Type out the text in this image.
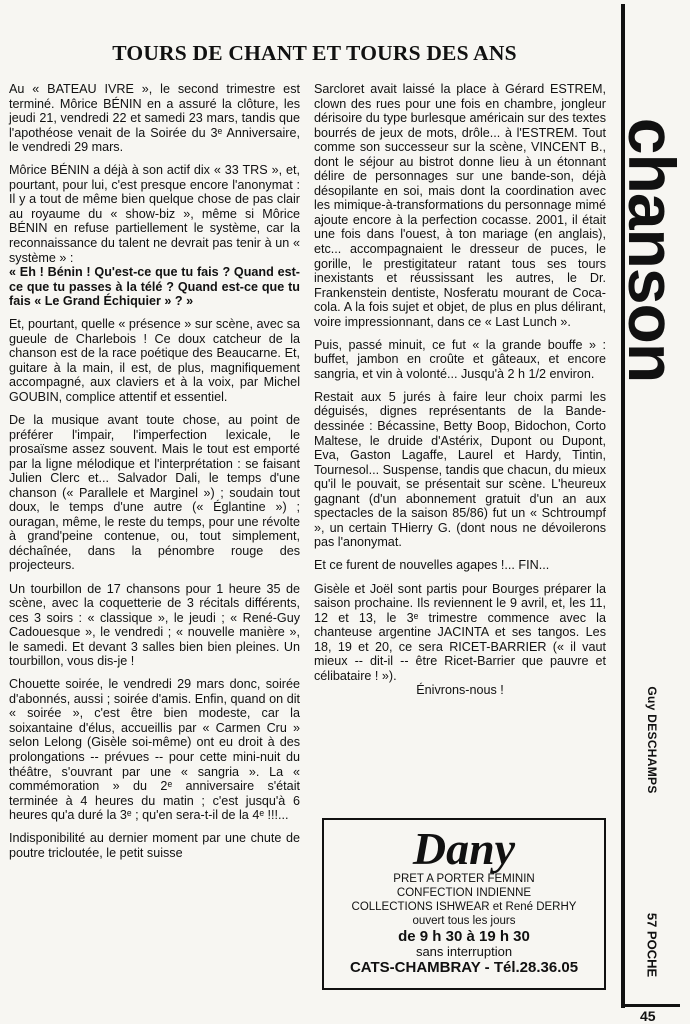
TOURS DE CHANT ET TOURS DES ANS

Au « BATEAU IVRE », le second trimestre est terminé. Môrice BÉNIN en a assuré la clôture, les jeudi 21, vendredi 22 et samedi 23 mars, tandis que l'apothéose venait de la Soirée du 3ᵉ Anniversaire, le vendredi 29 mars.

Môrice BÉNIN a déjà à son actif dix « 33 TRS », et, pourtant, pour lui, c'est presque encore l'anonymat : Il y a tout de même bien quelque chose de pas clair au royaume du « show-biz », même si Môrice BÉNIN en refuse partiellement le système, car la reconnaissance du talent ne devrait pas tenir à un « système » :

« Eh ! Bénin ! Qu'est-ce que tu fais ? Quand est-ce que tu passes à la télé ? Quand est-ce que tu fais « Le Grand Échiquier » ? »

Et, pourtant, quelle « présence » sur scène, avec sa gueule de Charlebois ! Ce doux catcheur de la chanson est de la race poétique des Beaucarne. Et, guitare à la main, il est, de plus, magnifiquement accompagné, aux claviers et à la voix, par Michel GOUBIN, complice attentif et essentiel.

De la musique avant toute chose, au point de préférer l'impair, l'imperfection lexicale, le prosaïsme assez souvent. Mais le tout est emporté par la ligne mélodique et l'interprétation : se faisant Julien Clerc et... Salvador Dali, le temps d'une chanson (« Parallele et Marginel ») ; soudain tout doux, le temps d'une autre (« Églantine ») ; ouragan, même, le reste du temps, pour une révolte à grand'peine contenue, ou, tout simplement, déchaînée, dans la pénombre rouge des projecteurs.

Un tourbillon de 17 chansons pour 1 heure 35 de scène, avec la coquetterie de 3 récitals différents, ces 3 soirs : « classique », le jeudi ; « René-Guy Cadouesque », le vendredi ; « nouvelle manière », le samedi. Et devant 3 salles bien bien pleines. Un tourbillon, vous dis-je !

Chouette soirée, le vendredi 29 mars donc, soirée d'abonnés, aussi ; soirée d'amis. Enfin, quand on dit « soirée », c'est être bien modeste, car la soixantaine d'élus, accueillis par « Carmen Cru » selon Lelong (Gisèle soi-même) ont eu droit à des prolongations -- prévues -- pour cette mini-nuit du théâtre, s'ouvrant par une « sangria ». La « commémoration » du 2ᵉ anniversaire s'était terminée à 4 heures du matin ; c'est jusqu'à 6 heures qu'a duré la 3ᵉ ; qu'en sera-t-il de la 4ᵉ !!!...

Indisponibilité au dernier moment par une chute de poutre tricloutée, le petit suisse

Sarcloret avait laissé la place à Gérard ESTREM, clown des rues pour une fois en chambre, jongleur dérisoire du type burlesque américain sur des textes bourrés de jeux de mots, drôle... à l'ESTREM. Tout comme son successeur sur la scène, VINCENT B., dont le séjour au bistrot donne lieu à un étonnant délire de personnages sur une bande-son, déjà désopilante en soi, mais dont la coordination avec les mimique-à-transformations du personnage mimé ajoute encore à la perfection cocasse. 2001, il était une fois dans l'ouest, à ton mariage (en anglais), etc... accompagnaient le dresseur de puces, le gorille, le prestigitateur ratant tous ses tours inexistants et réussissant les autres, le Dr. Frankenstein dentiste, Nosferatu mourant de Coca-cola. A la fois sujet et objet, de plus en plus délirant, voire impressionnant, dans ce « Last Lunch ».

Puis, passé minuit, ce fut « la grande bouffe » : buffet, jambon en croûte et gâteaux, et encore sangria, et vin à volonté... Jusqu'à 2 h 1/2 environ.

Restait aux 5 jurés à faire leur choix parmi les déguisés, dignes représentants de la Bande-dessinée : Bécassine, Betty Boop, Bidochon, Corto Maltese, le druide d'Astérix, Dupont ou Dupont, Eva, Gaston Lagaffe, Laurel et Hardy, Tintin, Tournesol... Suspense, tandis que chacun, du mieux qu'il le pouvait, se présentait sur scène. L'heureux gagnant (d'un abonnement gratuit d'un an aux spectacles de la saison 85/86) fut un « Schtroumpf », un certain THierry G. (dont nous ne dévoilerons pas l'anonymat.

Et ce furent de nouvelles agapes !... FIN...

Gisèle et Joël sont partis pour Bourges préparer la saison prochaine. Ils reviennent le 9 avril, et, les 11, 12 et 13, le 3ᵉ trimestre commence avec la chanteuse argentine JACINTA et ses tangos. Les 18, 19 et 20, ce sera RICET-BARRIER (« il vaut mieux -- dit-il -- être Ricet-Barrier que pauvre et célibataire ! »).

Énivrons-nous !

Dany
PRET A PORTER FEMININ
CONFECTION INDIENNE
COLLECTIONS ISHWEAR et René DERHY
ouvert tous les jours
de 9 h 30 à 19 h 30
sans interruption
CATS-CHAMBRAY - Tél.28.36.05
chanson
Guy DESCHAMPS
57 POCHE
45
